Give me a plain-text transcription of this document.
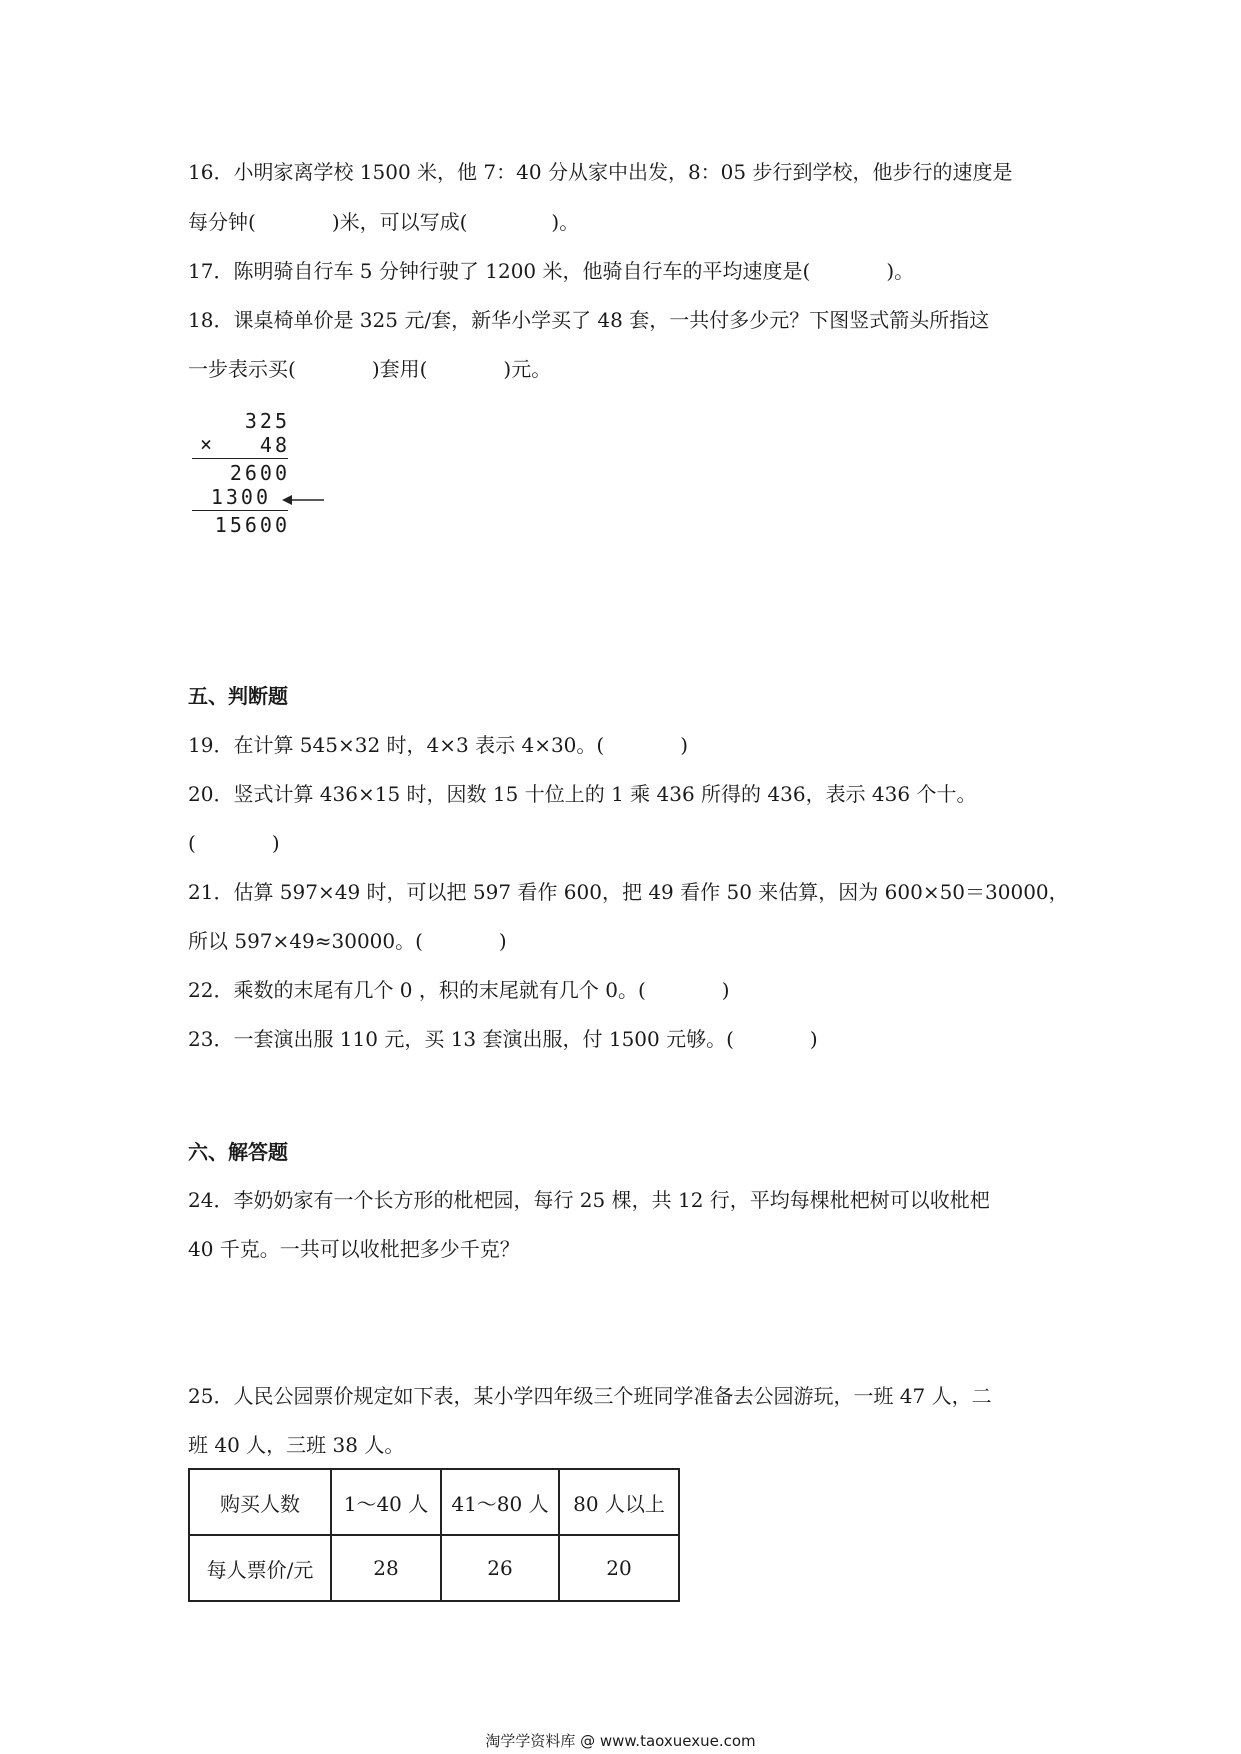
16．小明家离学校 1500 米，他 7：40 分从家中出发，8：05 步行到学校，他步行的速度是
每分钟(	)米，可以写成(	)。
17．陈明骑自行车 5 分钟行驶了 1200 米，他骑自行车的平均速度是(	)。
18．课桌椅单价是 325 元/套，新华小学买了 48 套，一共付多少元？下图竖式箭头所指这
一步表示买(	)套用(	)元。
325
× 48
2600
1300
15600
五、判断题
19．在计算 545×32 时，4×3 表示 4×30。(	)
20．竖式计算 436×15 时，因数 15 十位上的 1 乘 436 所得的 436，表示 436 个十。
(	)
21．估算 597×49 时，可以把 597 看作 600，把 49 看作 50 来估算，因为 600×50＝30000，
所以 597×49≈30000。(	)
22．乘数的末尾有几个 0 ，积的末尾就有几个 0。(	)
23．一套演出服 110 元，买 13 套演出服，付 1500 元够。(	)
六、解答题
24．李奶奶家有一个长方形的枇杷园，每行 25 棵，共 12 行，平均每棵枇杷树可以收枇杷
40 千克。一共可以收枇把多少千克？
25．人民公园票价规定如下表，某小学四年级三个班同学准备去公园游玩，一班 47 人，二
班 40 人，三班 38 人。
购买人数	1～40 人	41～80 人	80 人以上
每人票价/元	28	26	20
淘学学资料库 @ www.taoxuexue.com
